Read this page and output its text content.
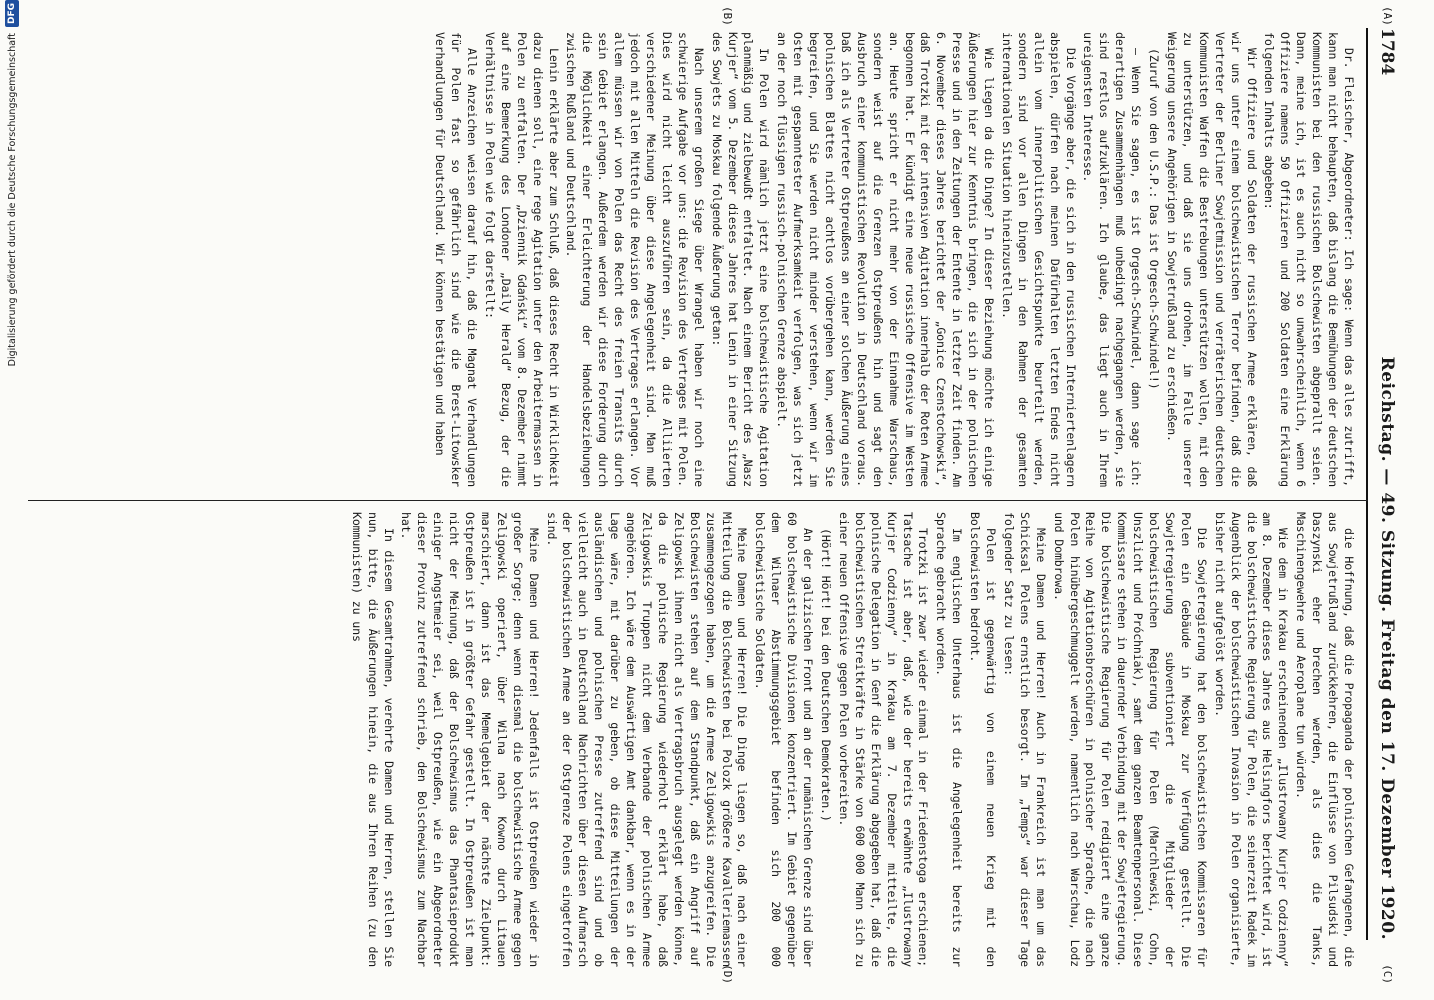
1784
Reichstag. — 49. Sitzung. Freitag den 17. Dezember 1920.
(A)
(B)
(C)
(D)

Dr. Fleischer, Abgeordneter: Ich sage: Wenn das alles zutrifft, kann man nicht behaupten, daß bislang die Bemühungen der deutschen Kommunisten bei den russischen Bolschewisten abgeprallt seien. Dann, meine ich, ist es auch nicht so unwahrscheinlich, wenn 6 Offiziere namens 50 Offizieren und 200 Soldaten eine Erklärung folgenden Inhalts abgeben:

Wir Offiziere und Soldaten der russischen Armee erklären, daß wir uns unter einem bolschewistischen Terror befinden, daß die Vertreter der Berliner Sowjetmission und verräterischen deutschen Kommunisten Waffen die Bestrebungen unterstützen wollen, mit den zu unterstützen, und daß sie uns drohen, im Falle unserer Weigerung unsere Angehörigen in Sowjetrußland zu erschießen.

(Zuruf von den U.S.P.: Das ist Orgesch-Schwindel!)

— Wenn Sie sagen, es ist Orgesch-Schwindel, dann sage ich: derartigen Zusammenhängen muß unbedingt nachgegangen werden, sie sind restlos aufzuklären. Ich glaube, das liegt auch in Ihrem ureigensten Interesse.

Die Vorgänge aber, die sich in den russischen Interniertenlagern abspielen, dürfen nach meinen Dafürhalten letzten Endes nicht allein vom innerpolitischen Gesichtspunkte beurteilt werden, sondern sind vor allen Dingen in den Rahmen der gesamten internationalen Situation hineinzustellen.

Wie liegen da die Dinge? In dieser Beziehung möchte ich einige Äußerungen hier zur Kenntnis bringen, die sich in der polnischen Presse und in den Zeitungen der Entente in letzter Zeit finden. Am 6. November dieses Jahres berichtet der „Gonice Czenstochowski“, daß Trotzki mit der intensiven Agitation innerhalb der Roten Armee begonnen hat. Er kündigt eine neue russische Offensive im Westen an. Heute spricht er nicht mehr von der Einnahme Warschaus, sondern weist auf die Grenzen Ostpreußens hin und sagt den Ausbruch einer kommunistischen Revolution in Deutschland voraus. Daß ich als Vertreter Ostpreußens an einer solchen Äußerung eines polnischen Blattes nicht achtlos vorübergehen kann, werden Sie begreifen, und Sie werden nicht minder verstehen, wenn wir im Osten mit gespanntester Aufmerksamkeit verfolgen, was sich jetzt an der noch flüssigen russisch-polnischen Grenze abspielt.

In Polen wird nämlich jetzt eine bolschewistische Agitation planmäßig und zielbewußt entfaltet. Nach einem Bericht des „Nasz Kurjer“ vom 5. Dezember dieses Jahres hat Lenin in einer Sitzung des Sowjets zu Moskau folgende Äußerung getan:

Nach unserem großen Siege über Wrangel haben wir noch eine schwierige Aufgabe vor uns: die Revision des Vertrages mit Polen. Dies wird nicht leicht auszuführen sein, da die Alliierten verschiedener Meinung über diese Angelegenheit sind. Man muß jedoch mit allen Mitteln die Revision des Vertrages erlangen. Vor allem müssen wir von Polen das Recht des freien Transits durch sein Gebiet erlangen. Außerdem werden wir diese Forderung durch die Möglichkeit einer Erleichterung der Handelsbeziehungen zwischen Rußland und Deutschland.

Lenin erklärte aber zum Schluß, daß dieses Recht in Wirklichkeit dazu dienen soll, eine rege Agitation unter den Arbeitermassen in Polen zu entfalten. Der „Dziennik Gdański“ vom 8. Dezember nimmt auf eine Bemerkung des Londoner „Daily Herald“ Bezug, der die Verhältnisse in Polen wie folgt darstellt:

Alle Anzeichen weisen darauf hin, daß die Magnat Verhandlungen für Polen fast so gefährlich sind wie die Brest-Litowsker Verhandlungen für Deutschland. Wir können bestätigen und haben

die Hoffnung, daß die Propaganda der polnischen Gefangenen, die aus Sowjetrußland zurückkehren, die Einflüsse von Pilsudski und Daszynski eher brechen werden, als dies die Tanks, Maschinengewehre und Aeroplane tun würden.

Wie dem in Krakau erscheinenden „Ilustrowany Kurjer Codzienny“ am 8. Dezember dieses Jahres aus Helsingfors berichtet wird, ist die bolschewistische Regierung für Polen, die seinerzeit Radek im Augenblick der bolschewistischen Invasion in Polen organisierte, bisher nicht aufgelöst worden.

Die Sowjetregierung hat den bolschewistischen Kommissaren für Polen ein Gebäude in Moskau zur Verfügung gestellt. Die Sowjetregierung subventioniert die Mitglieder der bolschewistischen Regierung für Polen (Marchlewski, Cohn, Unszlicht und Próchniak), samt dem ganzen Beamtenpersonal. Diese Kommissare stehen in dauernder Verbindung mit der Sowjetregierung. Die bolschewistische Regierung für Polen redigiert eine ganze Reihe von Agitationsbroschüren in polnischer Sprache, die nach Polen hinübergeschmuggelt werden, namentlich nach Warschau, Lodz und Dombrowa.

Meine Damen und Herren! Auch in Frankreich ist man um das Schicksal Polens ernstlich besorgt. Im „Temps“ war dieser Tage folgender Satz zu lesen:

Polen ist gegenwärtig von einem neuen Krieg mit den Bolschewisten bedroht.

Im englischen Unterhaus ist die Angelegenheit bereits zur Sprache gebracht worden.

Trotzki ist zwar wieder einmal in der Friedenstoga erschienen; Tatsache ist aber, daß, wie der bereits erwähnte „Ilustrowany Kurjer Codzienny“ in Krakau am 7. Dezember mitteilte, die polnische Delegation in Genf die Erklärung abgegeben hat, daß die bolschewistischen Streitkräfte in Stärke von 600 000 Mann sich zu einer neuen Offensive gegen Polen vorbereiten.

(Hört! Hört! bei den Deutschen Demokraten.)

An der galizischen Front und an der rumänischen Grenze sind über 60 bolschewistische Divisionen konzentriert. Im Gebiet gegenüber dem Wilnaer Abstimmungsgebiet befinden sich 200 000 bolschewistische Soldaten.

Meine Damen und Herren! Die Dinge liegen so, daß nach einer Mitteilung die Bolschewisten bei Polozk größere Kavalleriemassen zusammengezogen haben, um die Armee Zeligowskis anzugreifen. Die Bolschewisten stehen auf dem Standpunkt, daß ein Angriff auf Zeligowski ihnen nicht als Vertragsbruch ausgelegt werden könne, da die polnische Regierung wiederholt erklärt habe, daß Zeligowskis Truppen nicht dem Verbande der polnischen Armee angehören. Ich wäre dem Auswärtigen Amt dankbar, wenn es in der Lage wäre, mit darüber zu geben, ob diese Mitteilungen der ausländischen und polnischen Presse zutreffend sind und ob vielleicht auch in Deutschland Nachrichten über diesen Aufmarsch der bolschewistischen Armee an der Ostgrenze Polens eingetroffen sind.

Meine Damen und Herren! Jedenfalls ist Ostpreußen wieder in großer Sorge; denn wenn diesmal die bolschewistische Armee gegen Zeligowski operiert, über Wilna nach Kowno durch Litauen marschiert, dann ist das Memelgebiet der nächste Zielpunkt: Ostpreußen ist in größter Gefahr gestellt. In Ostpreußen ist man nicht der Meinung, daß der Bolschewismus das Phantasieprodukt einiger Angstmeier sei, weil Ostpreußen, wie ein Abgeordneter dieser Provinz zutreffend schrieb, den Bolschewismus zum Nachbar hat.

In diesem Gesamtrahmen, verehrte Damen und Herren, stellen Sie nun, bitte, die Äußerungen hinein, die aus Ihren Reihen (zu den Kommunisten) zu uns

Digitalisierung gefördert durch die Deutsche Forschungsgemeinschaft
DFG
